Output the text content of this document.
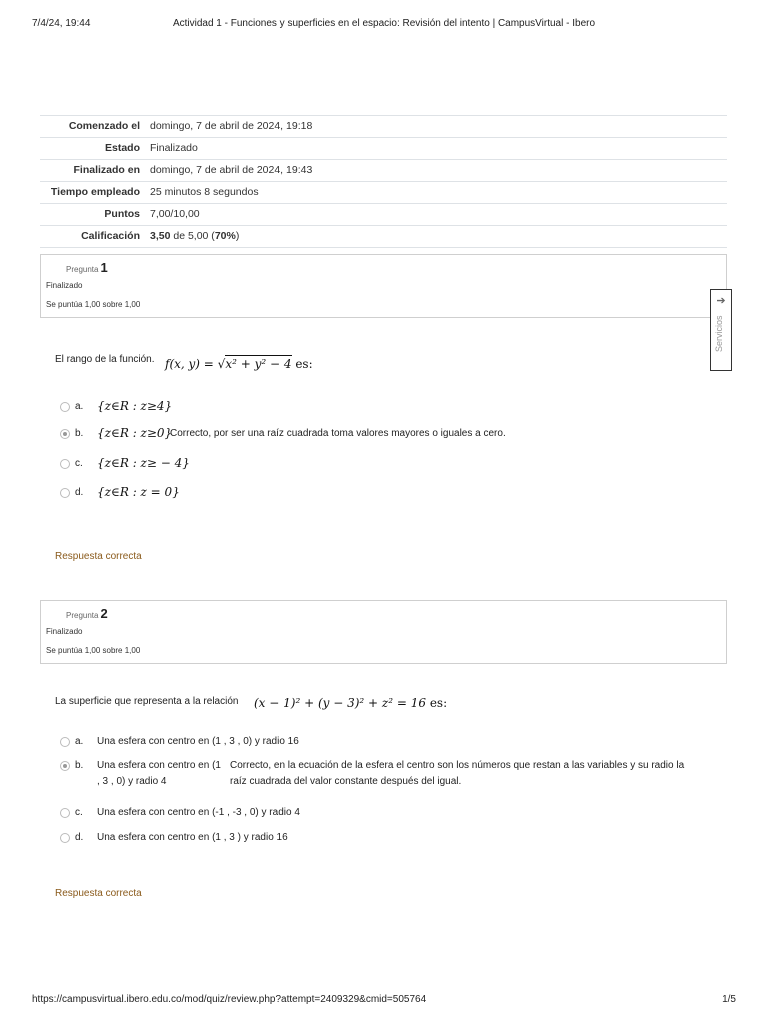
7/4/24, 19:44	Actividad 1 - Funciones y superficies en el espacio: Revisión del intento | CampusVirtual - Ibero
Comenzado el	domingo, 7 de abril de 2024, 19:18
Estado	Finalizado
Finalizado en	domingo, 7 de abril de 2024, 19:43
Tiempo empleado	25 minutos 8 segundos
Puntos	7,00/10,00
Calificación	3,50 de 5,00 (70%)
Pregunta 1
Finalizado
Se puntúa 1,00 sobre 1,00	➔
Servicios
El rango de la función. f(x, y) = √x² + y² − 4 es:
a. {z∈R : z≥4}
b. {z∈R : z≥0}
Correcto, por ser una raíz cuadrada toma valores mayores o iguales a cero.
c. {z∈R : z≥ − 4}
d. {z∈R : z = 0}
Respuesta correcta
Pregunta 2
Finalizado
Se puntúa 1,00 sobre 1,00
La superficie que representa a la relación (x − 1)² + (y − 3)² + z² = 16 es:
a. Una esfera con centro en (1 , 3 , 0) y radio 16
b. Una esfera con centro en (1
, 3 , 0) y radio 4
Correcto, en la ecuación de la esfera el centro son los números que restan a las variables y su radio la
raíz cuadrada del valor constante después del igual.
c. Una esfera con centro en (-1 , -3 , 0) y radio 4
d. Una esfera con centro en (1 , 3 ) y radio 16
Respuesta correcta
https://campusvirtual.ibero.edu.co/mod/quiz/review.php?attempt=2409329&cmid=505764	1/5
